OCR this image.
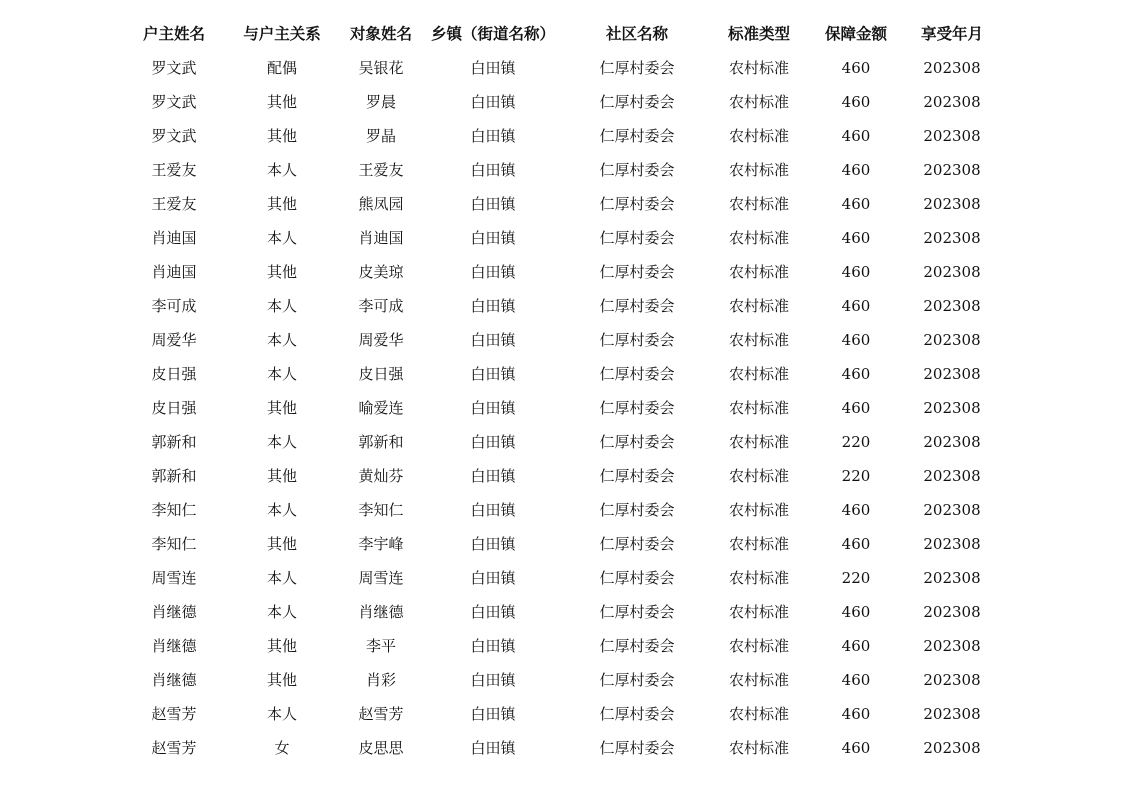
户主姓名	与户主关系	对象姓名	乡镇（街道名称）	社区名称	标准类型	保障金额	享受年月
罗文武	配偶	吴银花	白田镇	仁厚村委会	农村标准	460	202308
罗文武	其他	罗晨	白田镇	仁厚村委会	农村标准	460	202308
罗文武	其他	罗晶	白田镇	仁厚村委会	农村标准	460	202308
王爱友	本人	王爱友	白田镇	仁厚村委会	农村标准	460	202308
王爱友	其他	熊凤园	白田镇	仁厚村委会	农村标准	460	202308
肖迪国	本人	肖迪国	白田镇	仁厚村委会	农村标准	460	202308
肖迪国	其他	皮美琼	白田镇	仁厚村委会	农村标准	460	202308
李可成	本人	李可成	白田镇	仁厚村委会	农村标准	460	202308
周爱华	本人	周爱华	白田镇	仁厚村委会	农村标准	460	202308
皮日强	本人	皮日强	白田镇	仁厚村委会	农村标准	460	202308
皮日强	其他	喻爱连	白田镇	仁厚村委会	农村标准	460	202308
郭新和	本人	郭新和	白田镇	仁厚村委会	农村标准	220	202308
郭新和	其他	黄灿芬	白田镇	仁厚村委会	农村标准	220	202308
李知仁	本人	李知仁	白田镇	仁厚村委会	农村标准	460	202308
李知仁	其他	李宇峰	白田镇	仁厚村委会	农村标准	460	202308
周雪连	本人	周雪连	白田镇	仁厚村委会	农村标准	220	202308
肖继德	本人	肖继德	白田镇	仁厚村委会	农村标准	460	202308
肖继德	其他	李平	白田镇	仁厚村委会	农村标准	460	202308
肖继德	其他	肖彩	白田镇	仁厚村委会	农村标准	460	202308
赵雪芳	本人	赵雪芳	白田镇	仁厚村委会	农村标准	460	202308
赵雪芳	女	皮思思	白田镇	仁厚村委会	农村标准	460	202308
